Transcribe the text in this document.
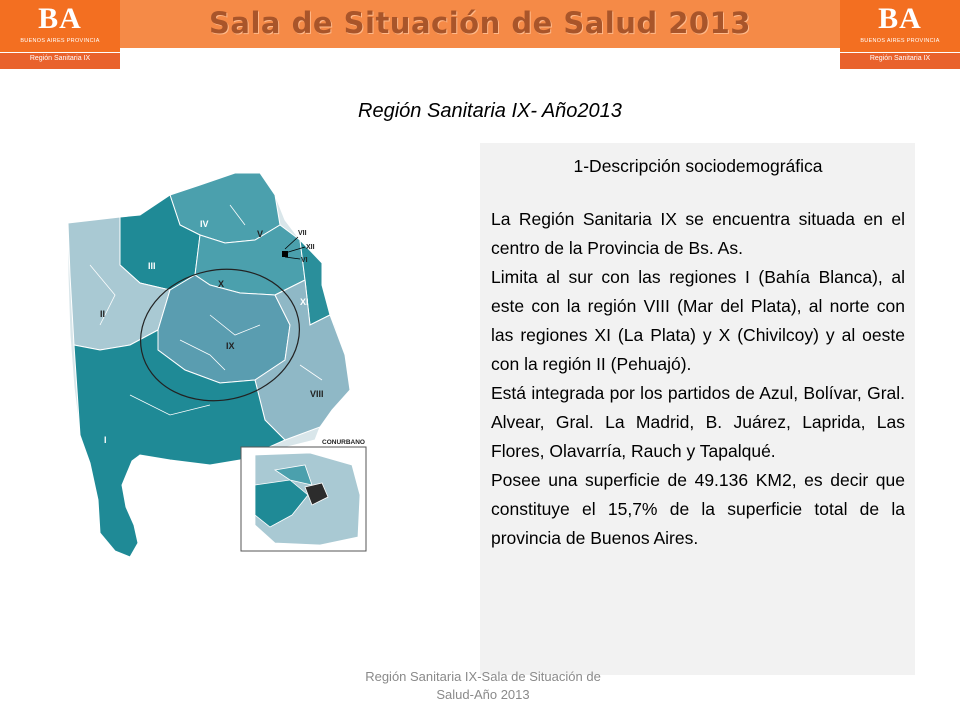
Sala de Situación de Salud 2013
BA
BUENOS AIRES PROVINCIA
Región Sanitaria IX
BA
BUENOS AIRES PROVINCIA
Región Sanitaria IX
Región Sanitaria IX- Año2013
IV
V	VII
XII
VI
III
X
XI
II
IX
VIII
I	CONURBANO
1-Descripción sociodemográfica

La Región Sanitaria IX se encuentra situada en el centro de la Provincia de Bs. As.

Limita al sur con las regiones I (Bahía Blanca), al este con la región VIII (Mar del Plata), al norte con las regiones XI (La Plata) y X (Chivilcoy) y al oeste con la región II (Pehuajó).

Está integrada por los partidos de Azul, Bolívar, Gral. Alvear, Gral. La Madrid, B. Juárez, Laprida, Las Flores, Olavarría, Rauch y Tapalqué.

Posee una superficie de 49.136 KM2, es decir que constituye el 15,7% de la superficie total de la provincia de Buenos Aires.

Región Sanitaria IX-Sala de Situación de
Salud-Año 2013
